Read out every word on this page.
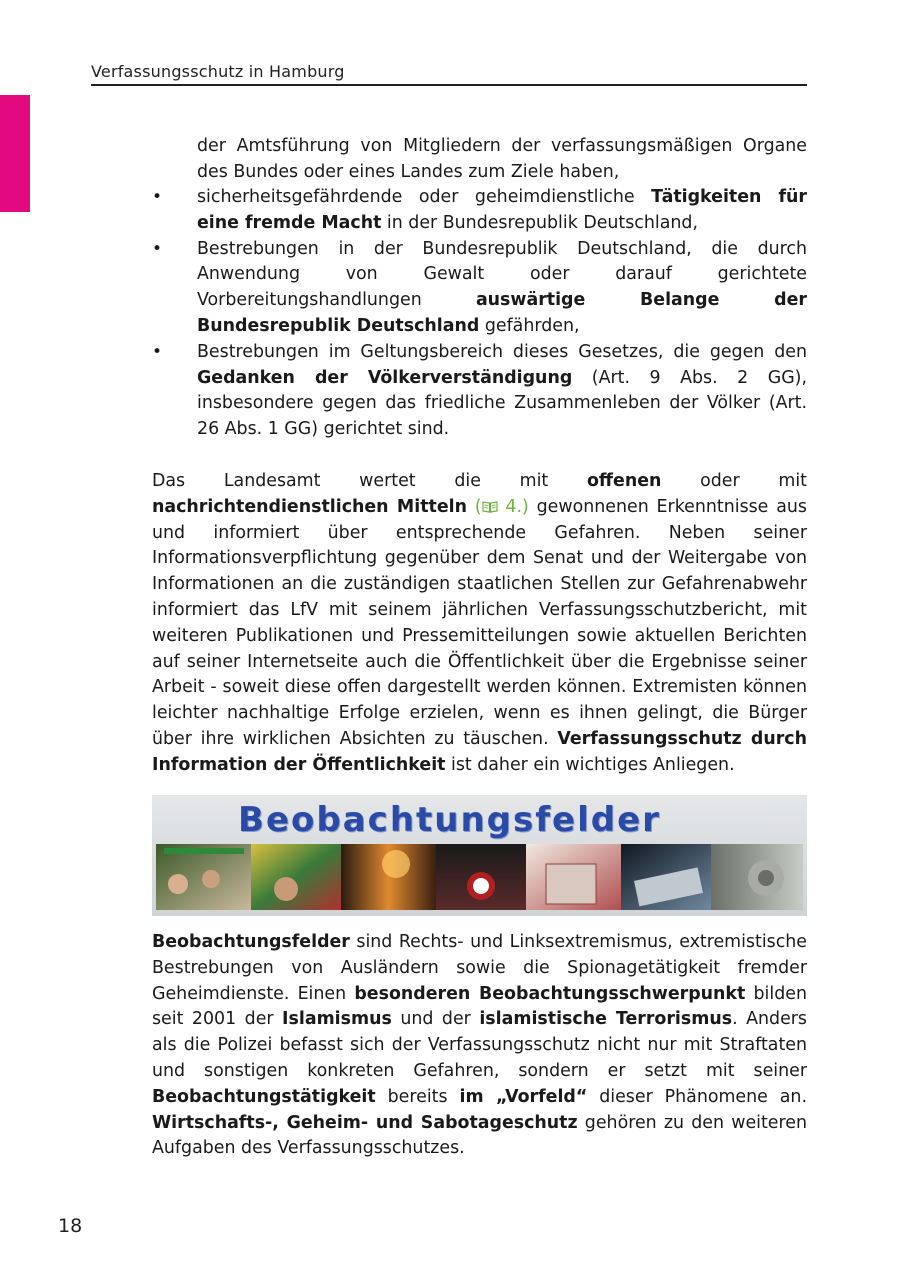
Verfassungsschutz in Hamburg
der Amtsführung von Mitgliedern der verfassungsmäßigen Organe des Bundes oder eines Landes zum Ziele haben,
• sicherheitsgefährdende oder geheimdienstliche Tätigkeiten für eine fremde Macht in der Bundesrepublik Deutschland,
• Bestrebungen in der Bundesrepublik Deutschland, die durch Anwendung von Gewalt oder darauf gerichtete Vorbereitungshandlungen auswärtige Belange der Bundesrepublik Deutschland gefährden,
• Bestrebungen im Geltungsbereich dieses Gesetzes, die gegen den Gedanken der Völkerverständigung (Art. 9 Abs. 2 GG), insbesondere gegen das friedliche Zusammenleben der Völker (Art. 26 Abs. 1 GG) gerichtet sind.

Das Landesamt wertet die mit offenen oder mit nachrichtendienstlichen Mitteln ( 4.) gewonnenen Erkenntnisse aus und informiert über entsprechende Gefahren. Neben seiner Informationsverpflichtung gegenüber dem Senat und der Weitergabe von Informationen an die zuständigen staatlichen Stellen zur Gefahrenabwehr informiert das LfV mit seinem jährlichen Verfassungsschutzbericht, mit weiteren Publikationen und Pressemitteilungen sowie aktuellen Berichten auf seiner Internetseite auch die Öffentlichkeit über die Ergebnisse seiner Arbeit - soweit diese offen dargestellt werden können. Extremisten können leichter nachhaltige Erfolge erzielen, wenn es ihnen gelingt, die Bürger über ihre wirklichen Absichten zu täuschen. Verfassungsschutz durch Information der Öffentlichkeit ist daher ein wichtiges Anliegen.

Beobachtungsfelder

Beobachtungsfelder sind Rechts- und Linksextremismus, extremistische Bestrebungen von Ausländern sowie die Spionagetätigkeit fremder Geheimdienste. Einen besonderen Beobachtungsschwerpunkt bilden seit 2001 der Islamismus und der islamistische Terrorismus. Anders als die Polizei befasst sich der Verfassungsschutz nicht nur mit Straftaten und sonstigen konkreten Gefahren, sondern er setzt mit seiner Beobachtungstätigkeit bereits im „Vorfeld“ dieser Phänomene an. Wirtschafts-, Geheim- und Sabotageschutz gehören zu den weiteren Aufgaben des Verfassungsschutzes.

18
